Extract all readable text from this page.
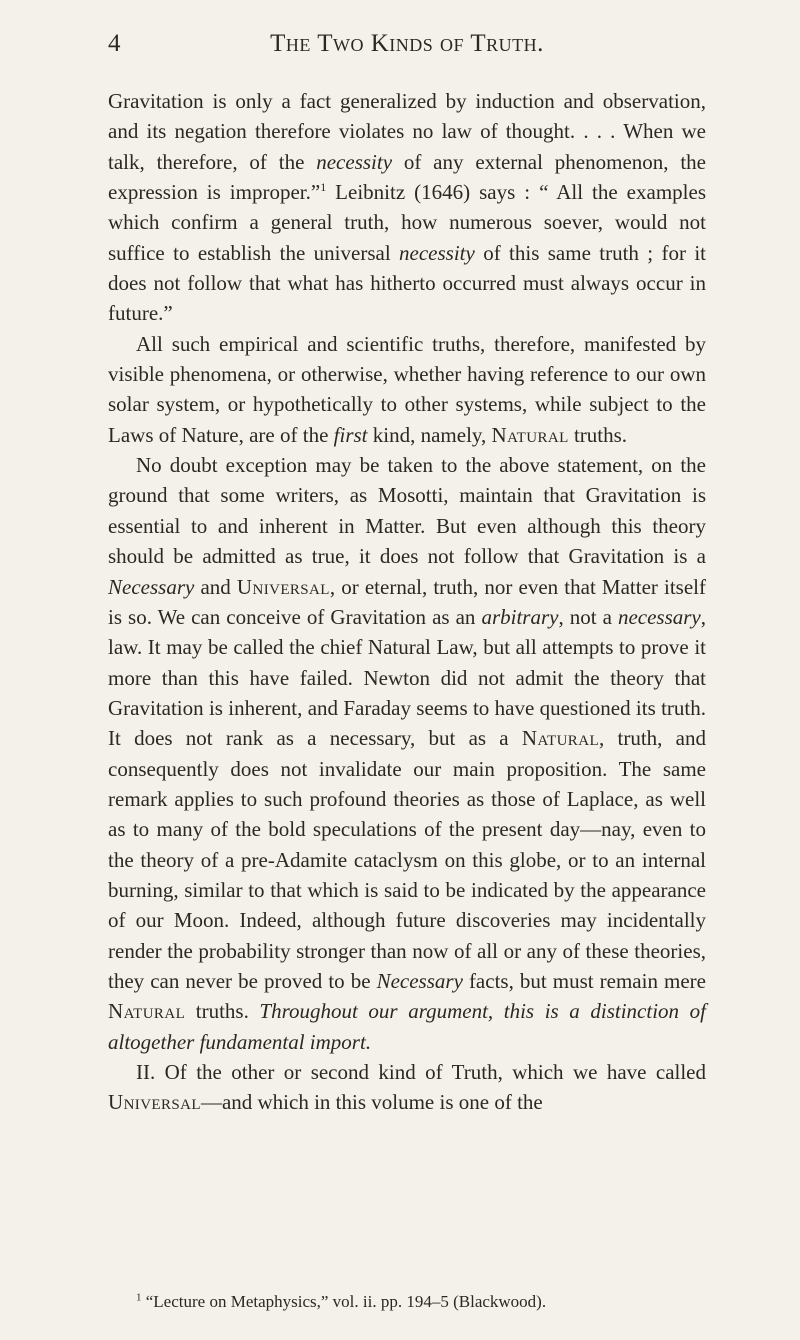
4	The Two Kinds of Truth.

Gravitation is only a fact generalized by induction and observation, and its negation therefore violates no law of thought. . . . When we talk, therefore, of the necessity of any external phenomenon, the expression is improper.”$^1$ Leibnitz (1646) says : “ All the examples which confirm a general truth, how numerous soever, would not suffice to establish the universal necessity of this same truth ; for it does not follow that what has hitherto occurred must always occur in future.”

All such empirical and scientific truths, therefore, manifested by visible phenomena, or otherwise, whether having reference to our own solar system, or hypothetically to other systems, while subject to the Laws of Nature, are of the first kind, namely, Natural truths.

No doubt exception may be taken to the above statement, on the ground that some writers, as Mosotti, maintain that Gravitation is essential to and inherent in Matter. But even although this theory should be admitted as true, it does not follow that Gravitation is a Necessary and Universal, or eternal, truth, nor even that Matter itself is so. We can conceive of Gravitation as an arbitrary, not a necessary, law. It may be called the chief Natural Law, but all attempts to prove it more than this have failed. Newton did not admit the theory that Gravitation is inherent, and Faraday seems to have questioned its truth. It does not rank as a necessary, but as a Natural, truth, and consequently does not invalidate our main proposition. The same remark applies to such profound theories as those of Laplace, as well as to many of the bold speculations of the present day—nay, even to the theory of a pre-Adamite cataclysm on this globe, or to an internal burning, similar to that which is said to be indicated by the appearance of our Moon. Indeed, although future discoveries may incidentally render the probability stronger than now of all or any of these theories, they can never be proved to be Necessary facts, but must remain mere Natural truths. Throughout our argument, this is a distinction of altogether fundamental import.

II. Of the other or second kind of Truth, which we have called Universal—and which in this volume is one of the

$^1$ “Lecture on Metaphysics,” vol. ii. pp. 194–5 (Blackwood).
